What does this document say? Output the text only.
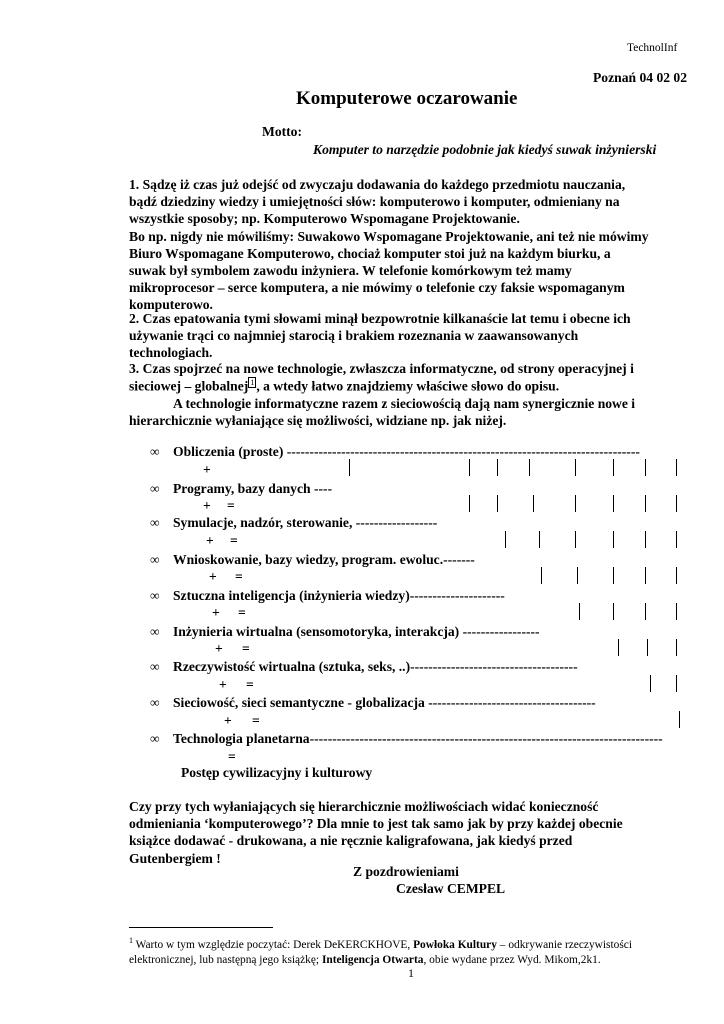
TechnolInf
Poznań 04 02 02
Komputerowe oczarowanie
Motto:
Komputer to narzędzie podobnie jak kiedyś suwak inżynierski
1. Sądzę iż czas już odejść od zwyczaju dodawania do każdego przedmiotu nauczania,
bądź dziedziny wiedzy i umiejętności słów: komputerowo i komputer, odmieniany na
wszystkie sposoby; np. Komputerowo Wspomagane Projektowanie.
Bo np. nigdy nie mówiliśmy: Suwakowo Wspomagane Projektowanie, ani też nie mówimy
Biuro Wspomagane Komputerowo, chociaż komputer stoi już na każdym biurku, a
suwak był symbolem zawodu inżyniera. W telefonie komórkowym też mamy
mikroprocesor – serce komputera, a nie mówimy o telefonie czy faksie wspomaganym
komputerowo.
2. Czas epatowania tymi słowami minął bezpowrotnie kilkanaście lat temu i obecne ich
używanie trąci co najmniej starocią i brakiem rozeznania w zaawansowanych
technologiach.
3. Czas spojrzeć na nowe technologie, zwłaszcza informatyczne, od strony operacyjnej i
sieciowej – globalnej 1 , a wtedy łatwo znajdziemy właściwe słowo do opisu.
A technologie informatyczne razem z sieciowością dają nam synergicznie nowe i
hierarchicznie wyłaniające się możliwości, widziane np. jak niżej.
∞ Obliczenia (proste) ------------------------------------------------------------------------------
∞ Programy, bazy danych ----
∞ Symulacje, nadzór, sterowanie, ------------------
∞ Wnioskowanie, bazy wiedzy, program. ewoluc.-------
∞ Sztuczna inteligencja (inżynieria wiedzy)---------------------
∞ Inżynieria wirtualna (sensomotoryka, interakcja) -----------------
∞ Rzeczywistość wirtualna (sztuka, seks, ..)-------------------------------------
∞ Sieciowość, sieci semantyczne - globalizacja -------------------------------------
∞ Technologia planetarna------------------------------------------------------------------------------
+
+ =
+ =
+ =
+ =
+ =
+ =
+ =
=
Postęp cywilizacyjny i kulturowy
Czy przy tych wyłaniających się hierarchicznie możliwościach widać konieczność
odmieniania ‘komputerowego’? Dla mnie to jest tak samo jak by przy każdej obecnie
książce dodawać - drukowana, a nie ręcznie kaligrafowana, jak kiedyś przed
Gutenbergiem !
Z pozdrowieniami
Czesław CEMPEL
$^1$ Warto w tym względzie poczytać: Derek DeKERCKHOVE, Powłoka Kultury – odkrywanie rzeczywistości
elektronicznej, lub następną jego książkę; Inteligencja Otwarta, obie wydane przez Wyd. Mikom,2k1.
1
